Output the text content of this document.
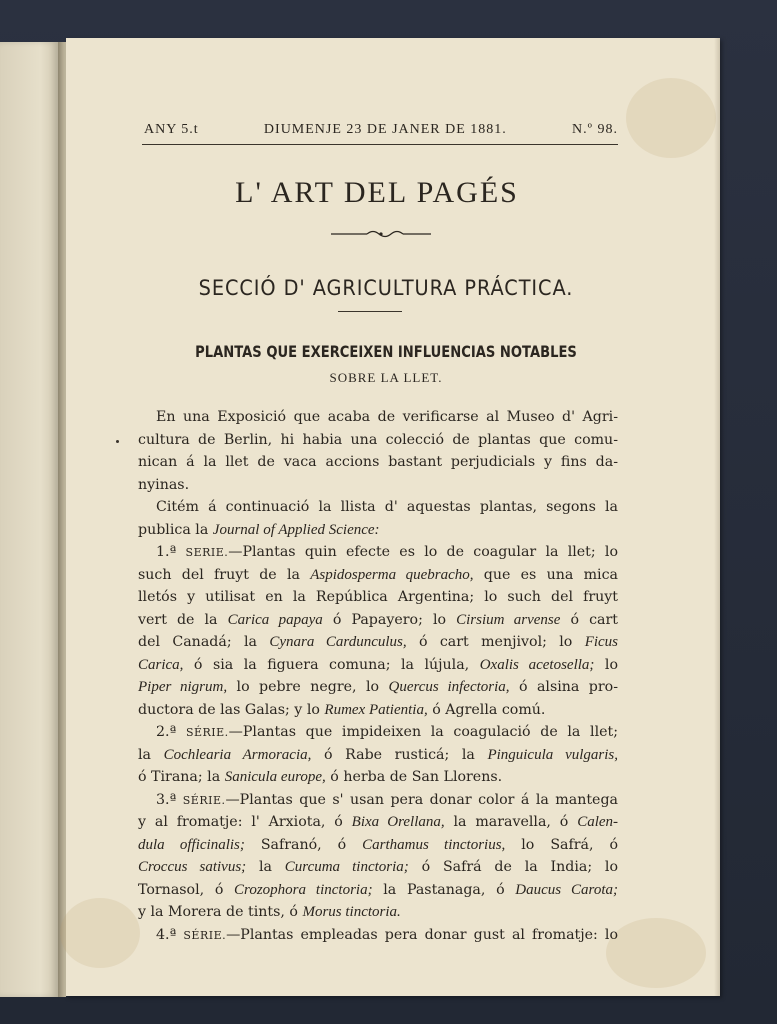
ANY 5.t	DIUMENJE 23 DE JANER DE 1881.	N.º 98.
L' ART DEL PAGÉS
SECCIÓ D' AGRICULTURA PRÁCTICA.
PLANTAS QUE EXERCEIXEN INFLUENCIAS NOTABLES
SOBRE LA LLET.
En una Exposició que acaba de verificarse al Museo d' Agri-
cultura de Berlin, hi habia una colecció de plantas que comu-
nican á la llet de vaca accions bastant perjudicials y fins da-
nyinas.
Citém á continuació la llista d' aquestas plantas, segons la
publica la Journal of Applied Science:
1.ª SERIE.—Plantas quin efecte es lo de coagular la llet; lo
such del fruyt de la Aspidosperma quebracho, que es una mica
lletós y utilisat en la República Argentina; lo such del fruyt
vert de la Carica papaya ó Papayero; lo Cirsium arvense ó cart
del Canadá; la Cynara Cardunculus, ó cart menjivol; lo Ficus
Carica, ó sia la figuera comuna; la lújula, Oxalis acetosella; lo
Piper nigrum, lo pebre negre, lo Quercus infectoria, ó alsina pro-
ductora de las Galas; y lo Rumex Patientia, ó Agrella comú.
2.ª SÉRIE.—Plantas que impideixen la coagulació de la llet;
la Cochlearia Armoracia, ó Rabe rusticá; la Pinguicula vulgaris,
ó Tirana; la Sanicula europe, ó herba de San Llorens.
3.ª SÉRIE.—Plantas que s' usan pera donar color á la mantega
y al fromatje: l' Arxiota, ó Bixa Orellana, la maravella, ó Calen-
dula officinalis; Safranó, ó Carthamus tinctorius, lo Safrá, ó
Croccus sativus; la Curcuma tinctoria; ó Safrá de la India; lo
Tornasol, ó Crozophora tinctoria; la Pastanaga, ó Daucus Carota;
y la Morera de tints, ó Morus tinctoria.
4.ª SÉRIE.—Plantas empleadas pera donar gust al fromatje: lo
